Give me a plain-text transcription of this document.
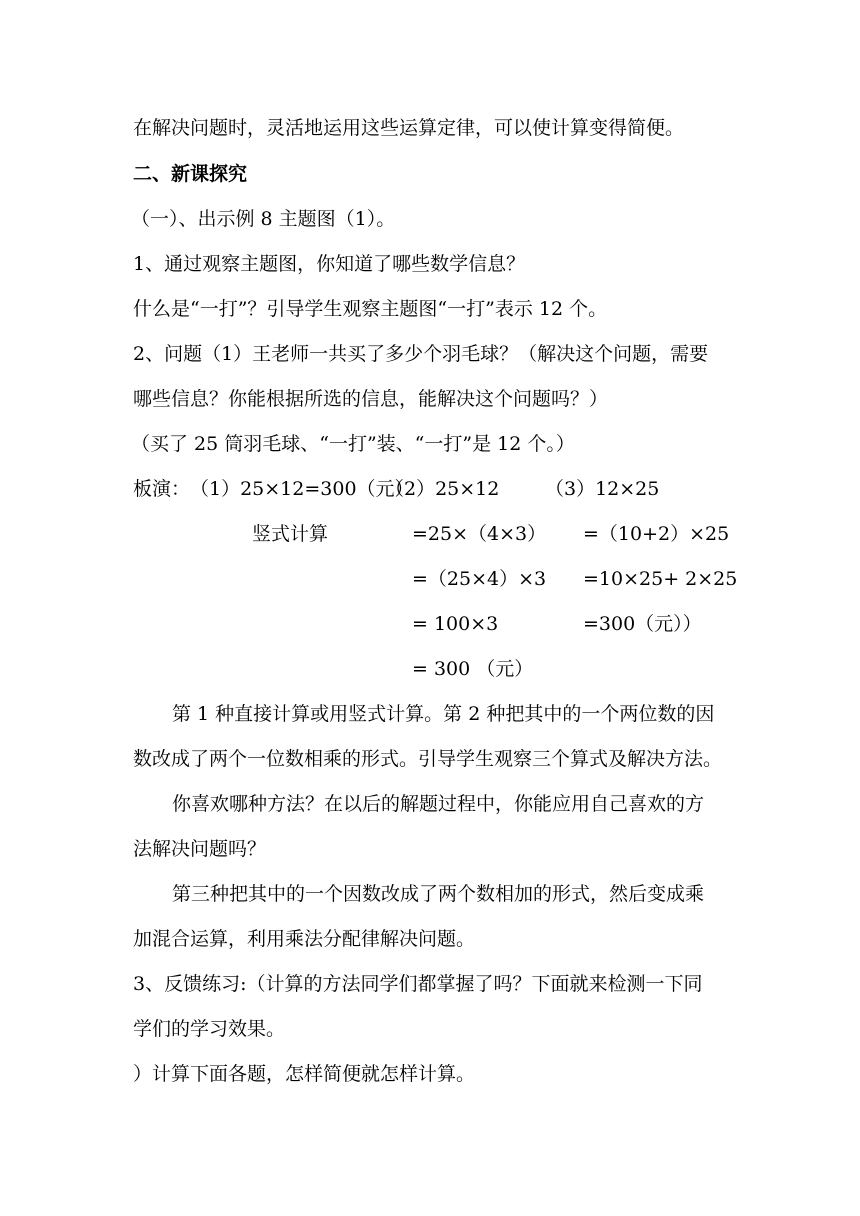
在解决问题时，灵活地运用这些运算定律，可以使计算变得简便。
二、新课探究
（一）、出示例 8 主题图（1）。
1、通过观察主题图，你知道了哪些数学信息？
什么是“一打”？引导学生观察主题图“一打”表示 12 个。
2、问题（1）王老师一共买了多少个羽毛球？（解决这个问题，需要
哪些信息？你能根据所选的信息，能解决这个问题吗？）
（买了 25 筒羽毛球、“一打”装、“一打”是 12 个。）
板演： （1）25×12=300（元）
（2）25×12 （3）12×25
竖式计算	=25×（4×3） =（10+2）×25
=（25×4）×3 =10×25+ 2×25
= 100×3	=300（元））
= 300 （元）
第 1 种直接计算或用竖式计算。第 2 种把其中的一个两位数的因
数改成了两个一位数相乘的形式。引导学生观察三个算式及解决方法。
你喜欢哪种方法？在以后的解题过程中，你能应用自己喜欢的方
法解决问题吗？
第三种把其中的一个因数改成了两个数相加的形式，然后变成乘
加混合运算，利用乘法分配律解决问题。
3、反馈练习:（计算的方法同学们都掌握了吗？下面就来检测一下同
学们的学习效果。
）计算下面各题，怎样简便就怎样计算。
